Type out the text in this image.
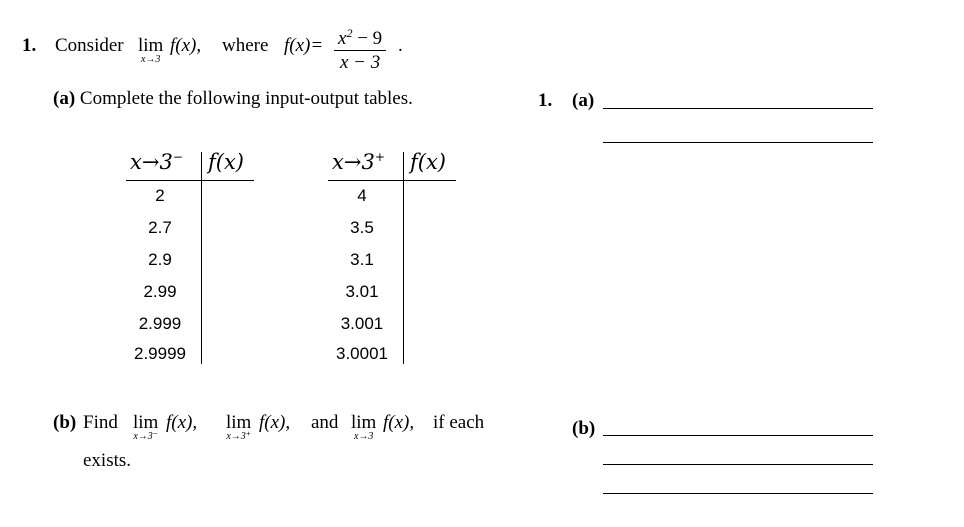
1. Consider lim
x→3
f(x), where $f(x)= \frac{x^2 - 9}{x - 3}$ .
(a) Complete the following input-output tables.
x→3− f(x)
2
2.7
2.9
2.99
2.999
2.9999
x→3+ f(x)
4
3.5
3.1
3.01
3.001
3.0001
(b) Find lim
x→3⁻
f(x), lim
x→3⁺
f(x), and lim
x→3
f(x), if each
exists.
1. (a)
(b)
